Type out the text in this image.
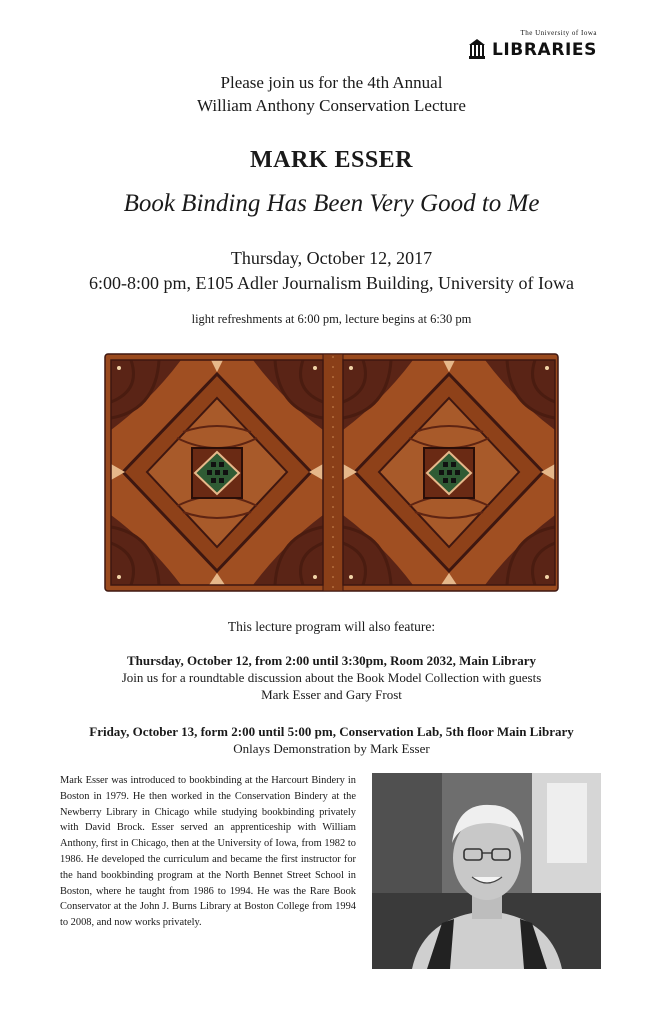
The University of Iowa
LIBRARIES
Please join us for the 4th Annual
William Anthony Conservation Lecture
MARK ESSER
Book Binding Has Been Very Good to Me
Thursday, October 12, 2017
6:00-8:00 pm, E105 Adler Journalism Building, University of Iowa
light refreshments at 6:00 pm, lecture begins at 6:30 pm
This lecture program will also feature:
Thursday, October 12, from 2:00 until 3:30pm, Room 2032, Main Library
Join us for a roundtable discussion about the Book Model Collection with guests
Mark Esser and Gary Frost
Friday, October 13, form 2:00 until 5:00 pm, Conservation Lab, 5th floor Main Library
Onlays Demonstration by Mark Esser
Mark Esser was introduced to bookbinding at the Harcourt Bindery in Boston in 1979. He then worked in the Conservation Bindery at the Newberry Library in Chicago while studying bookbinding privately with David Brock. Esser served an apprenticeship with William Anthony, first in Chicago, then at the University of Iowa, from 1982 to 1986. He developed the curriculum and became the first instructor for the hand bookbinding program at the North Bennet Street School in Boston, where he taught from 1986 to 1994. He was the Rare Book Conservator at the John J. Burns Library at Boston College from 1994 to 2008, and now works privately.
